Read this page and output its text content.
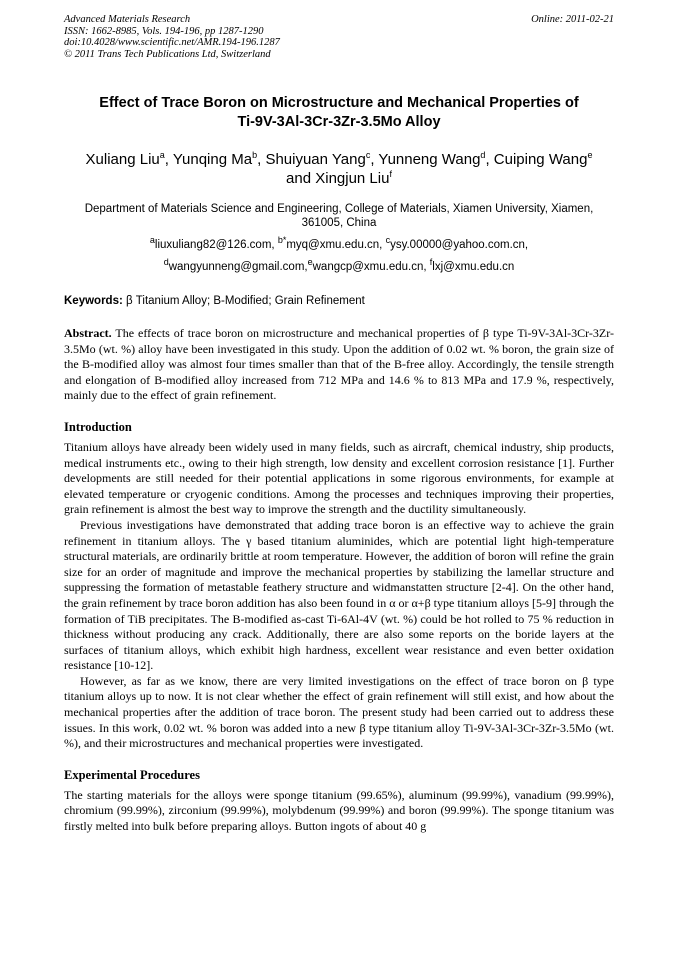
Advanced Materials Research
ISSN: 1662-8985, Vols. 194-196, pp 1287-1290
doi:10.4028/www.scientific.net/AMR.194-196.1287
© 2011 Trans Tech Publications Ltd, Switzerland
Online: 2011-02-21
Effect of Trace Boron on Microstructure and Mechanical Properties of
Ti-9V-3Al-3Cr-3Zr-3.5Mo Alloy
Xuliang Liu$^a$, Yunqing Ma$^b$, Shuiyuan Yang$^c$, Yunneng Wang$^d$, Cuiping Wang$^e$
and Xingjun Liu$^f$
Department of Materials Science and Engineering, College of Materials, Xiamen University, Xiamen,
361005, China
$^a$liuxuliang82@126.com, $^{b*}$myq@xmu.edu.cn, $^c$ysy.00000@yahoo.com.cn,
$^d$wangyunneng@gmail.com,$^e$wangcp@xmu.edu.cn, $^f$lxj@xmu.edu.cn
Keywords: β Titanium Alloy; B-Modified; Grain Refinement
Abstract. The effects of trace boron on microstructure and mechanical properties of β type Ti-9V-3Al-3Cr-3Zr-3.5Mo (wt. %) alloy have been investigated in this study. Upon the addition of 0.02 wt. % boron, the grain size of the B-modified alloy was almost four times smaller than that of the B-free alloy. Accordingly, the tensile strength and elongation of B-modified alloy increased from 712 MPa and 14.6 % to 813 MPa and 17.9 %, respectively, mainly due to the effect of grain refinement.
Introduction

Titanium alloys have already been widely used in many fields, such as aircraft, chemical industry, ship products, medical instruments etc., owing to their high strength, low density and excellent corrosion resistance [1]. Further developments are still needed for their potential applications in some rigorous environments, for example at elevated temperature or cryogenic conditions. Among the processes and techniques improving their properties, grain refinement is almost the best way to improve the strength and the ductility simultaneously.

Previous investigations have demonstrated that adding trace boron is an effective way to achieve the grain refinement in titanium alloys. The γ based titanium aluminides, which are potential light high-temperature structural materials, are ordinarily brittle at room temperature. However, the addition of boron will refine the grain size for an order of magnitude and improve the mechanical properties by stabilizing the lamellar structure and suppressing the formation of metastable feathery structure and widmanstatten structure [2-4]. On the other hand, the grain refinement by trace boron addition has also been found in α or α+β type titanium alloys [5-9] through the formation of TiB precipitates. The B-modified as-cast Ti-6Al-4V (wt. %) could be hot rolled to 75 % reduction in thickness without producing any crack. Additionally, there are also some reports on the boride layers at the surfaces of titanium alloys, which exhibit high hardness, excellent wear resistance and even better oxidation resistance [10-12].

However, as far as we know, there are very limited investigations on the effect of trace boron on β type titanium alloys up to now. It is not clear whether the effect of grain refinement will still exist, and how about the mechanical properties after the addition of trace boron. The present study had been carried out to address these issues. In this work, 0.02 wt. % boron was added into a new β type titanium alloy Ti-9V-3Al-3Cr-3Zr-3.5Mo (wt. %), and their microstructures and mechanical properties were investigated.

Experimental Procedures

The starting materials for the alloys were sponge titanium (99.65%), aluminum (99.99%), vanadium (99.99%), chromium (99.99%), zirconium (99.99%), molybdenum (99.99%) and boron (99.99%). The sponge titanium was firstly melted into bulk before preparing alloys. Button ingots of about 40 g
